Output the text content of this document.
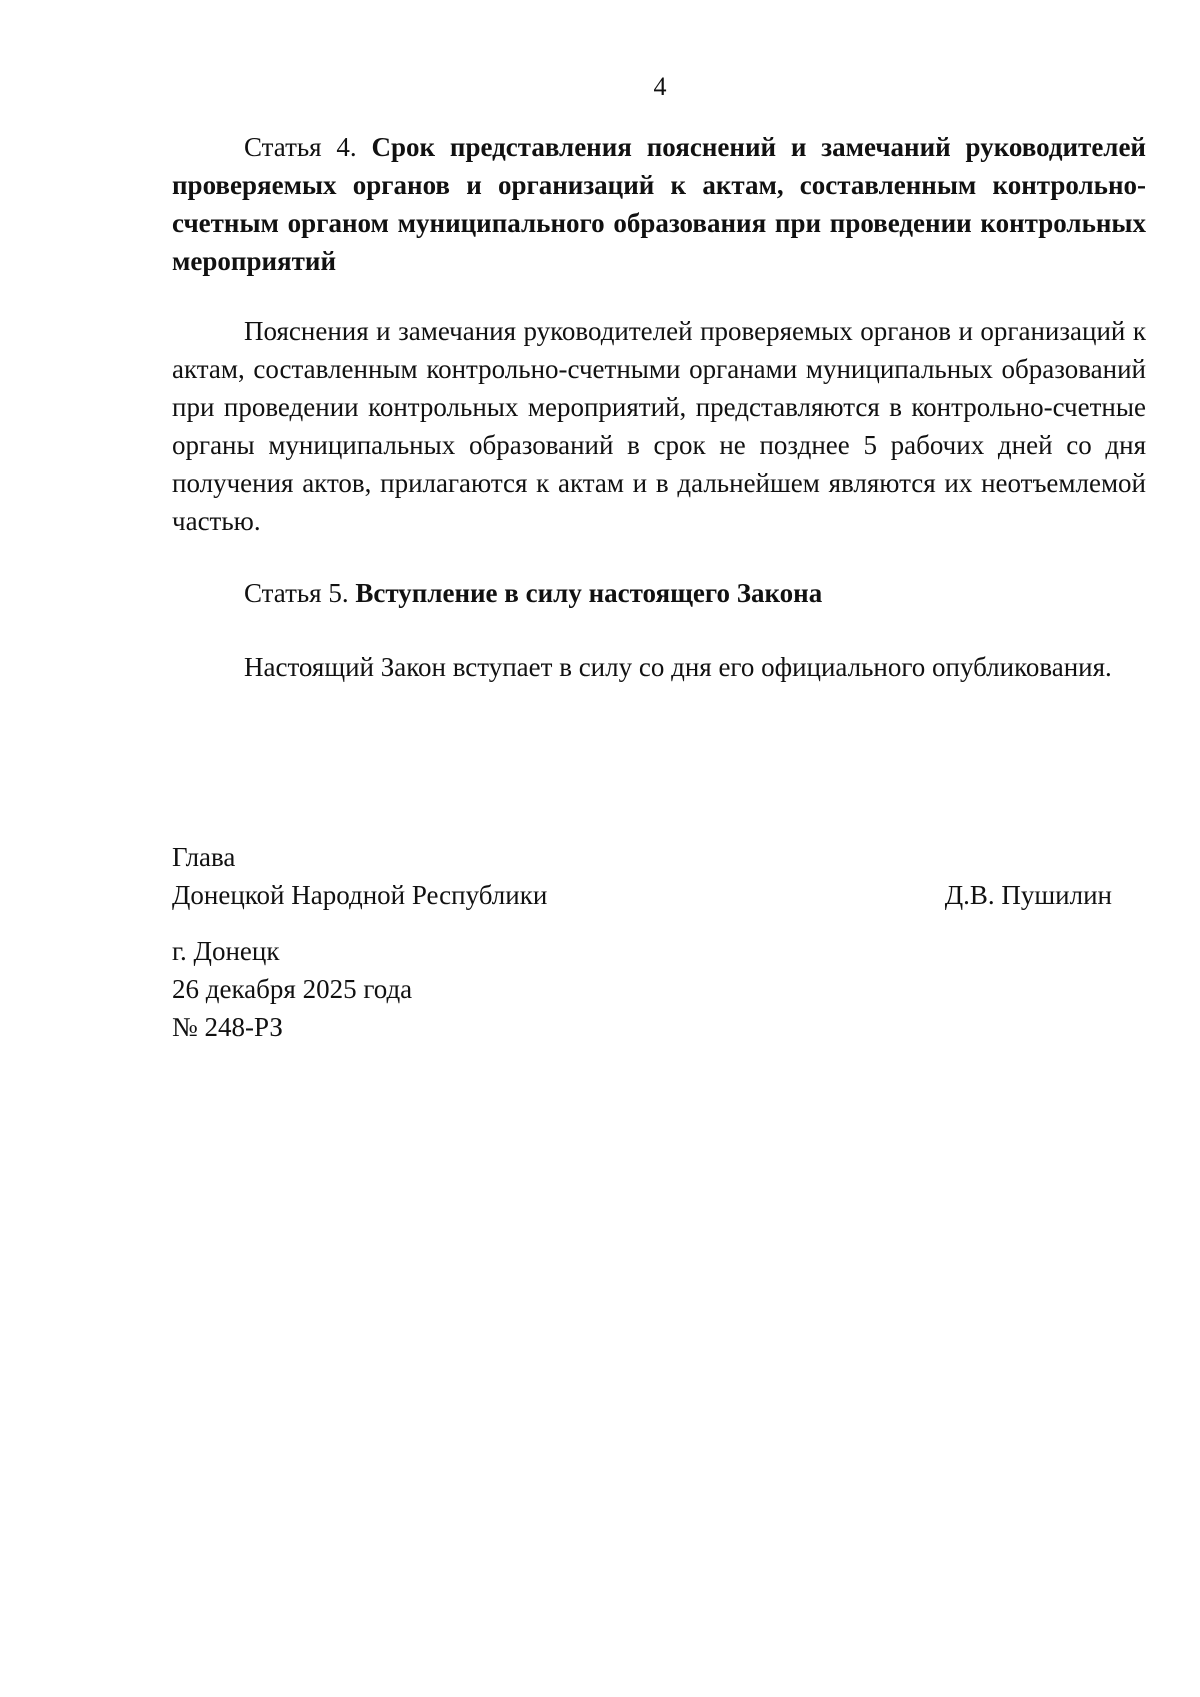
4
Статья 4. Срок представления пояснений и замечаний руководителей проверяемых органов и организаций к актам, составленным контрольно-счетным органом муниципального образования при проведении контрольных мероприятий
Пояснения и замечания руководителей проверяемых органов и организаций к актам, составленным контрольно-счетными органами муниципальных образований при проведении контрольных мероприятий, представляются в контрольно-счетные органы муниципальных образований в срок не позднее 5 рабочих дней со дня получения актов, прилагаются к актам и в дальнейшем являются их неотъемлемой частью.
Статья 5. Вступление в силу настоящего Закона
Настоящий Закон вступает в силу со дня его официального опубликования.
Глава
Донецкой Народной Республики	Д.В. Пушилин
г. Донецк
26 декабря 2025 года
№ 248-РЗ
